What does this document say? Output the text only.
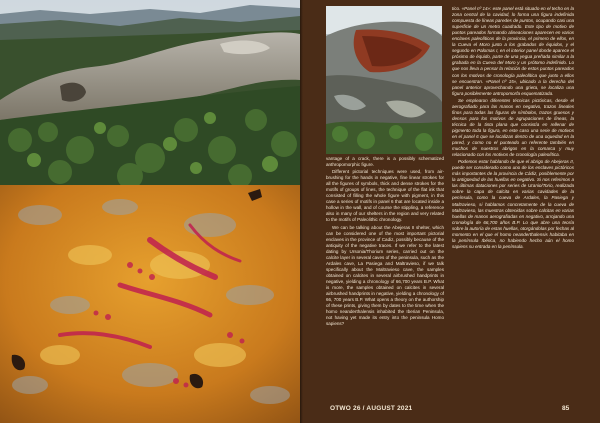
vantage of a crack, there is a possibly schematized anthropomorphic figure.

Different pictorial techniques were used, from air-brushing for the hands in negative, fine linear strokes for all the figures of symbols, thick and dense strokes for the motifs of groups of lines, the technique of the flat ink that consisted of filling the whole figure with pigment, in this case a series of motifs in panel 6 that are located inside a hollow in the wall, and of course the stippling, a reference also in many of our shelters in the region and very related to the motifs of Paleolithic chronology.

We can be talking about the Abejeras II shelter, which can be considered one of the most important pictorial enclaves in the province of Cadiz, possibly because of the antiquity of the negative traces. If we refer to the latest dating by Ursonia/Thorium series, carried out on the calcite layer in several caves of the peninsula, such as the Ardales cave, La Pasiega and Maltravieso, if we talk specifically about the Maltravieso cave, the samples obtained on calcites in several airbrushed handprints in negative, yielding a chronology of 66,700 years B.P. What is more, the samples obtained on calcites in several airbrushed handprints in negative, yielding a chronology of 66, 700 years B.P. What opens a theory on the authorship of these prints, giving them by dates to the time when the homo neanderthalensis inhabited the Iberian Peninsula, not having yet made its entry into the peninsula Homo sapiens?

tico. «Panel nº 14»: este panel está situado en el techo en la zona central de la cavidad, lo forma una figura indefinida compuesta de líneas paredes de puntos, ocupando casi una superficie de un metro cuadrado. Este tipo de motivo de puntos pareados formando alineaciones aparecen en varios enclaves paleolíticos de la provincia, el primero de ellos, en la Cueva el Moro junto a los grabados de équidos, y el segundo en Palomas I, en el interior panel donde aparece el próximo de équido, parte de una yegua preñada similar a la grabada en la Cueva del Moro y un prótomo indefinido. Lo que nos lleva a pensar la relación de estos puntos pareados con los motivos de cronología paleolítica que junto a ellos se encuentran. «Panel nº 15», ubicado a la derecha del panel anterior aprovechando una grieta, se localiza una figura posiblemente antropomorfa esquematizada.

Se emplearon diferentes técnicas pictóricas, desde el aerografiado para las manos en negativo, trazos lineales finos para todas las figuras de símbolos, trazos gruesos y densos para los motivos de agrupaciones de líneas, la técnica de la tinta plana que consistía en rellenar de pigmento toda la figura, en este caso una serie de motivos en el panel 6 que se localizan dentro de una oquedad en la pared, y como no el punteado un referente también en muchos de nuestros abrigos en la comarca y muy relacionado con los motivos de cronología paleolítica.

Podemos estar hablando de que el abrigo de Abejeras II, puede ser considerado como uno de los enclaves pictóricos más importantes de la provincia de Cádiz, posiblemente por la antigüedad de las huellas en negativo. Si nos referimos a las últimas dataciones por series de Uranio/Torio, realizada sobre la capa de calcita en varias cavidades de la península, como la cueva de Ardales, la Pasiega y Maltravieso, si hablamos concretamente de la cueva de Maltravieso, las muestras obtenidas sobre calcitas en varias huellas de manos aerografiadas en negativo, arrojando una cronología de 66,700 años B.P. Lo que abre una teoría sobre la autoría de estas huellas, otorgándolas por fechas al momento en el que el homo neanderthalensis habitaba en la península Ibérica, no habiendo hecho aún el homo sapiens su entrada en la península.

OTWO 26 / AUGUST 2021	85
